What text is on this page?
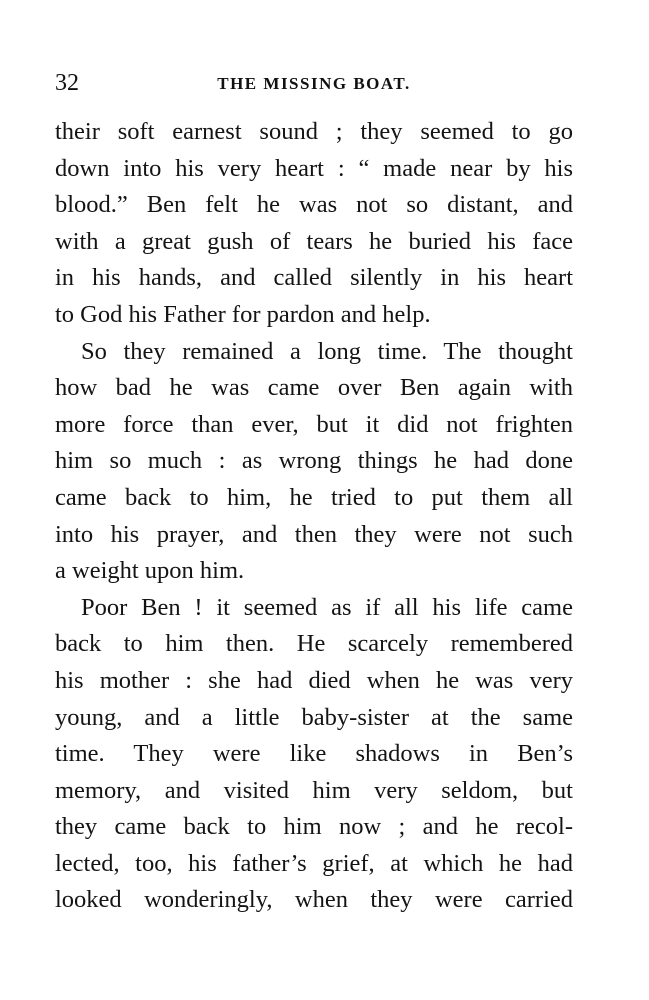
32	THE MISSING BOAT.
their soft earnest sound ; they seemed to go
down into his very heart : “ made near by his
blood.” Ben felt he was not so distant, and
with a great gush of tears he buried his face
in his hands, and called silently in his heart
to God his Father for pardon and help.
So they remained a long time. The thought
how bad he was came over Ben again with
more force than ever, but it did not frighten
him so much : as wrong things he had done
came back to him, he tried to put them all
into his prayer, and then they were not such
a weight upon him.
Poor Ben ! it seemed as if all his life came
back to him then. He scarcely remembered
his mother : she had died when he was very
young, and a little baby-sister at the same
time. They were like shadows in Ben’s
memory, and visited him very seldom, but
they came back to him now ; and he recol-
lected, too, his father’s grief, at which he had
looked wonderingly, when they were carried
